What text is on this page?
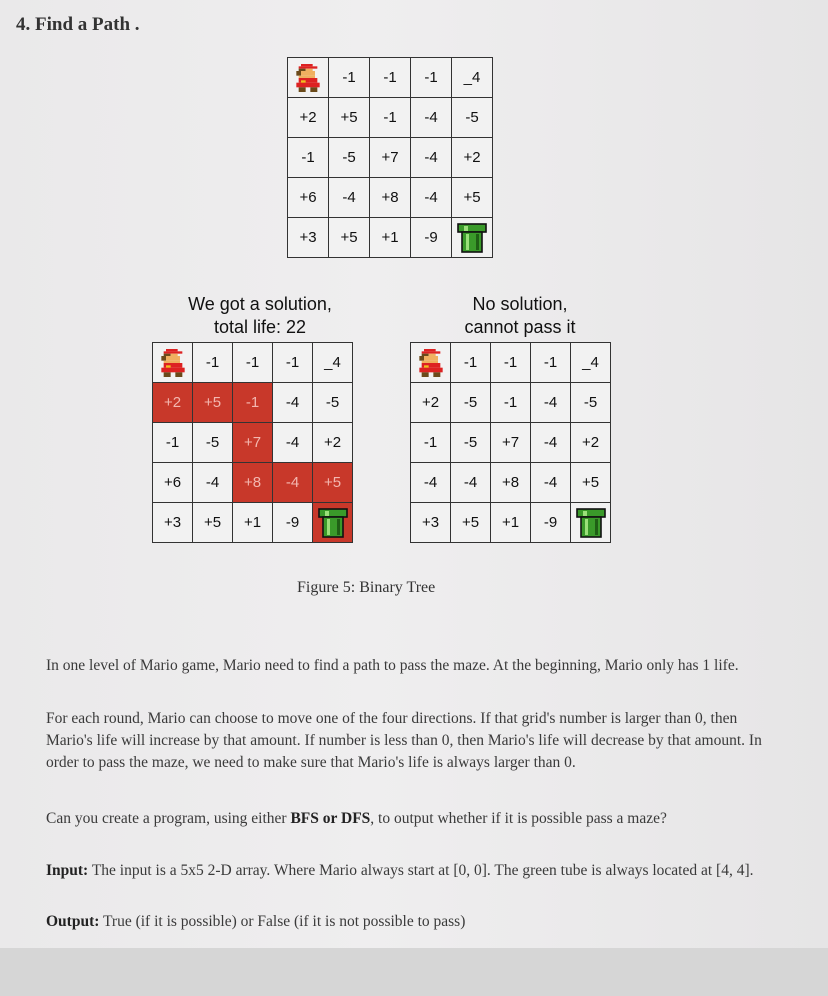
4. Find a Path .
	-1	-1	-1	_4
+2	+5	-1	-4	-5
-1	-5	+7	-4	+2
+6	-4	+8	-4	+5
+3	+5	+1	-9	
We got a solution,
total life: 22
No solution,
cannot pass it
	-1	-1	-1	_4
+2	+5	-1	-4	-5
-1	-5	+7	-4	+2
+6	-4	+8	-4	+5
+3	+5	+1	-9	
	-1	-1	-1	_4
+2	-5	-1	-4	-5
-1	-5	+7	-4	+2
-4	-4	+8	-4	+5
+3	+5	+1	-9	
Figure 5: Binary Tree

In one level of Mario game, Mario need to find a path to pass the maze. At the beginning, Mario only has 1 life.

For each round, Mario can choose to move one of the four directions. If that grid's number is larger than 0, then Mario's life will increase by that amount. If number is less than 0, then Mario's life will decrease by that amount. In order to pass the maze, we need to make sure that Mario's life is always larger than 0.

Can you create a program, using either BFS or DFS, to output whether if it is possible pass a maze?

Input: The input is a 5x5 2-D array. Where Mario always start at [0, 0]. The green tube is always located at [4, 4].

Output: True (if it is possible) or False (if it is not possible to pass)
